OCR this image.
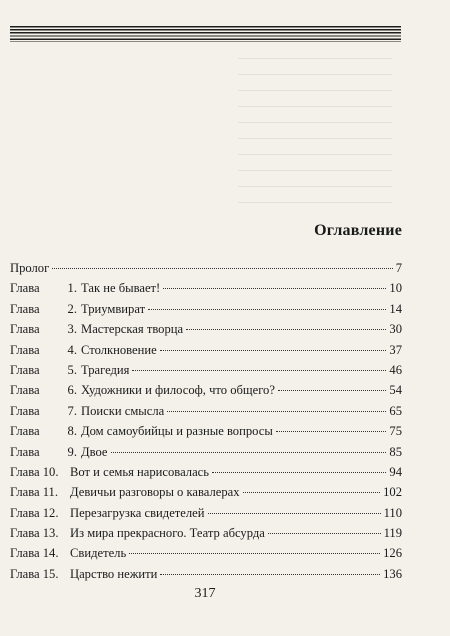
——————————————
——————————————
——————————————
——————————————
——————————————
——————————————
——————————————
——————————————
——————————————
——————————————
Оглавление
Пролог	7
Глава	1. Так не бывает!	10
Глава	2. Триумвират	14
Глава	3. Мастерская творца	30
Глава	4. Столкновение	37
Глава	5. Трагедия	46
Глава	6. Художники и философ, что общего?	54
Глава	7. Поиски смысла	65
Глава	8. Дом самоубийцы и разные вопросы	75
Глава	9. Двое	85
Глава 10. Вот и семья нарисовалась	94
Глава 11. Девичьи разговоры о кавалерах	102
Глава 12. Перезагрузка свидетелей	110
Глава 13. Из мира прекрасного. Театр абсурда	119
Глава 14. Свидетель	126
Глава 15. Царство нежити	136
317
